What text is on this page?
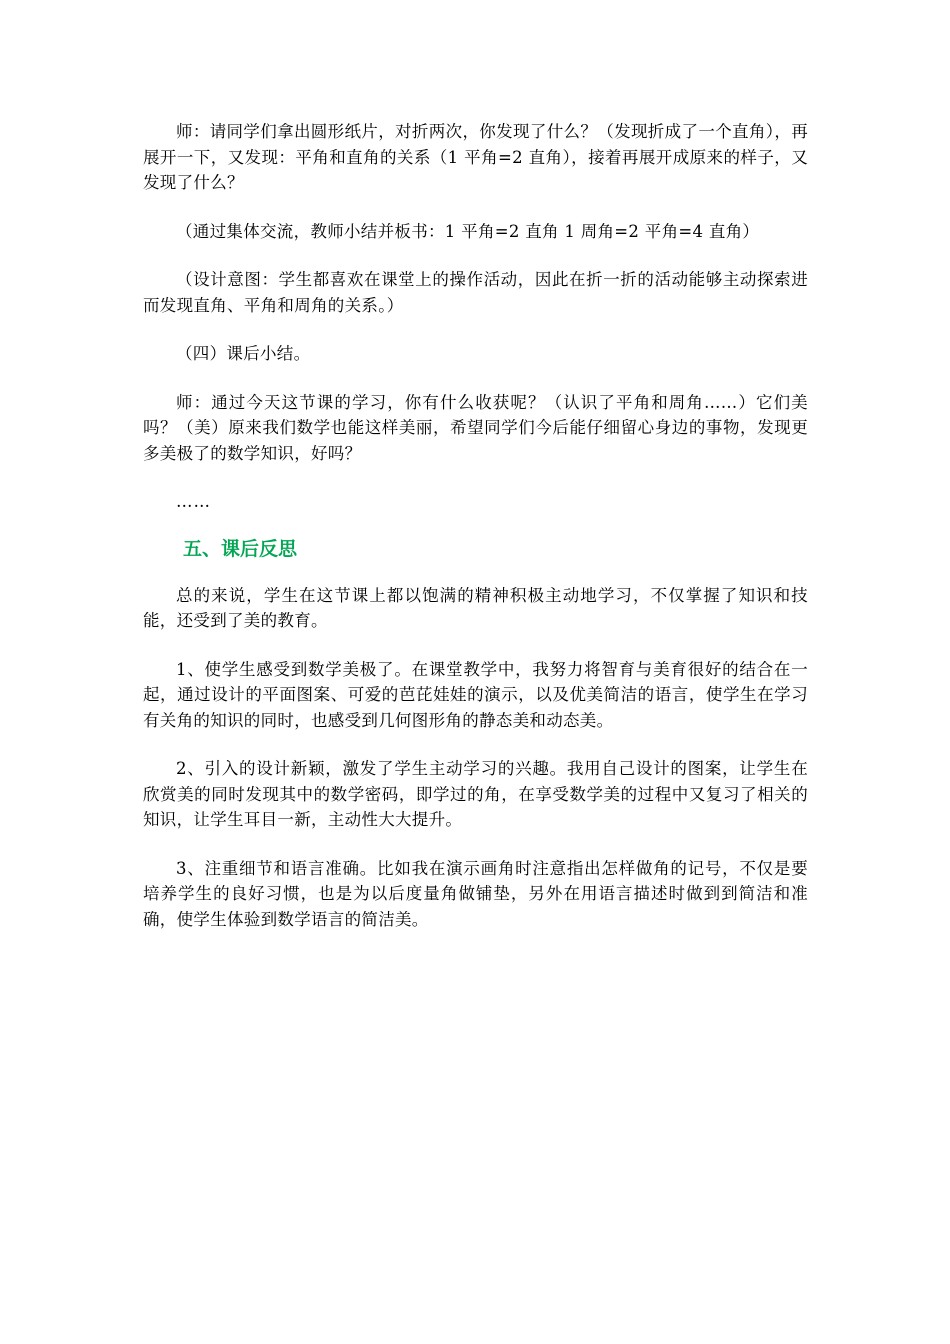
师：请同学们拿出圆形纸片，对折两次，你发现了什么？（发现折成了一个直角），再展开一下，又发现：平角和直角的关系（1 平角=2 直角），接着再展开成原来的样子，又发现了什么？

（通过集体交流，教师小结并板书：1 平角=2 直角 1 周角=2 平角=4 直角）

（设计意图：学生都喜欢在课堂上的操作活动，因此在折一折的活动能够主动探索进而发现直角、平角和周角的关系。）

（四）课后小结。

师：通过今天这节课的学习，你有什么收获呢？（认识了平角和周角……）它们美吗？（美）原来我们数学也能这样美丽，希望同学们今后能仔细留心身边的事物，发现更多美极了的数学知识，好吗？

……

五、课后反思

总的来说，学生在这节课上都以饱满的精神积极主动地学习，不仅掌握了知识和技能，还受到了美的教育。

1、使学生感受到数学美极了。在课堂教学中，我努力将智育与美育很好的结合在一起，通过设计的平面图案、可爱的芭芘娃娃的演示，以及优美简洁的语言，使学生在学习有关角的知识的同时，也感受到几何图形角的静态美和动态美。

2、引入的设计新颖，激发了学生主动学习的兴趣。我用自己设计的图案，让学生在欣赏美的同时发现其中的数学密码，即学过的角，在享受数学美的过程中又复习了相关的知识，让学生耳目一新，主动性大大提升。

3、注重细节和语言准确。比如我在演示画角时注意指出怎样做角的记号，不仅是要培养学生的良好习惯，也是为以后度量角做铺垫，另外在用语言描述时做到到简洁和准确，使学生体验到数学语言的简洁美。
